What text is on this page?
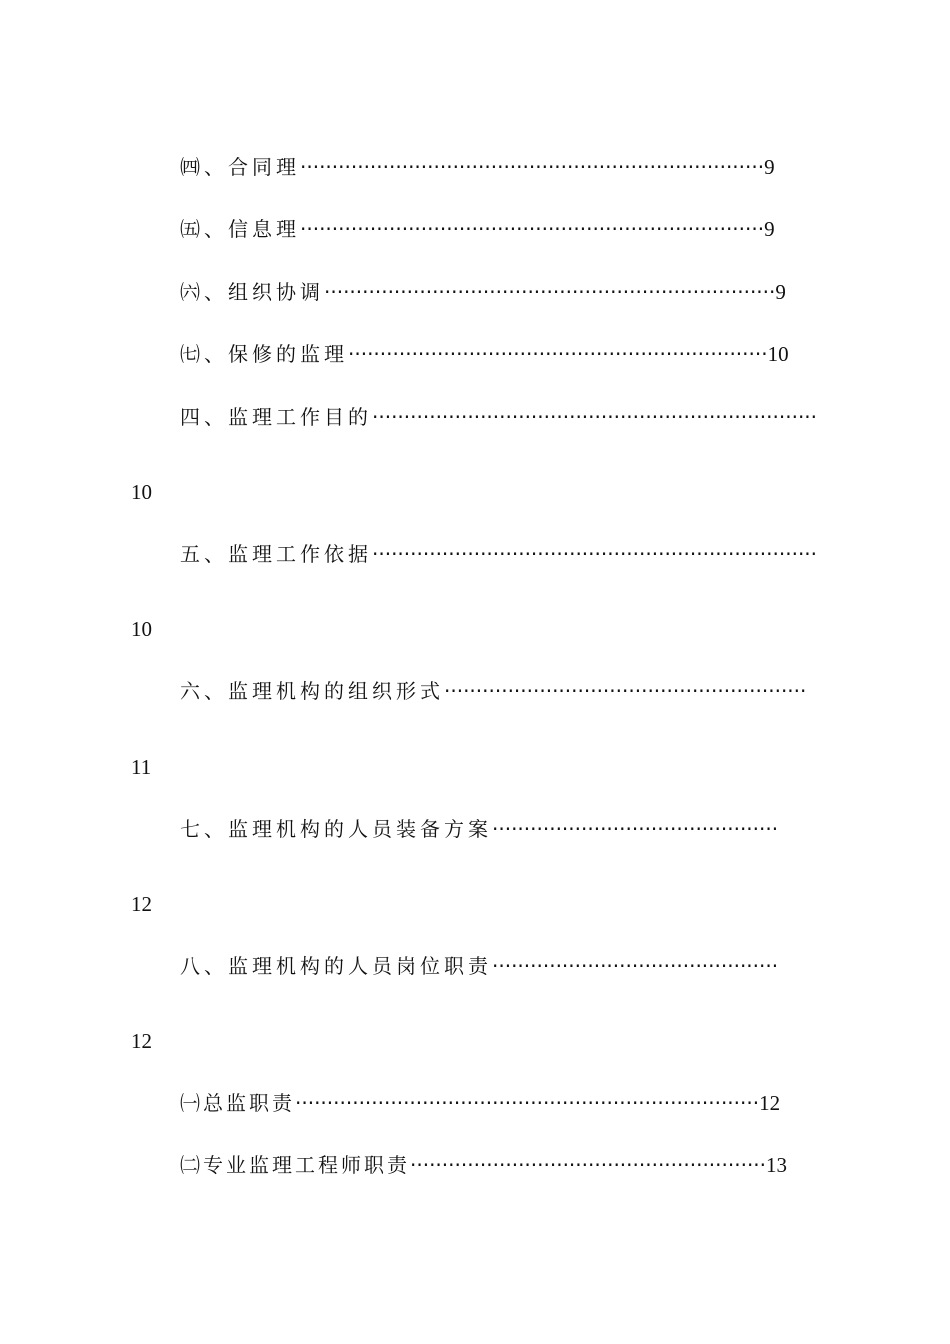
㈣、合同理·········································································9
㈤、信息理·········································································9
㈥、组织协调·······································································9
㈦、保修的监理··································································10
四、监理工作目的······································································
10
五、监理工作依据······································································
10
六、监理机构的组织形式·························································
11
七、监理机构的人员装备方案·············································
12
八、监理机构的人员岗位职责·············································
12
㈠总监职责·········································································12
㈡专业监理工程师职责························································13
